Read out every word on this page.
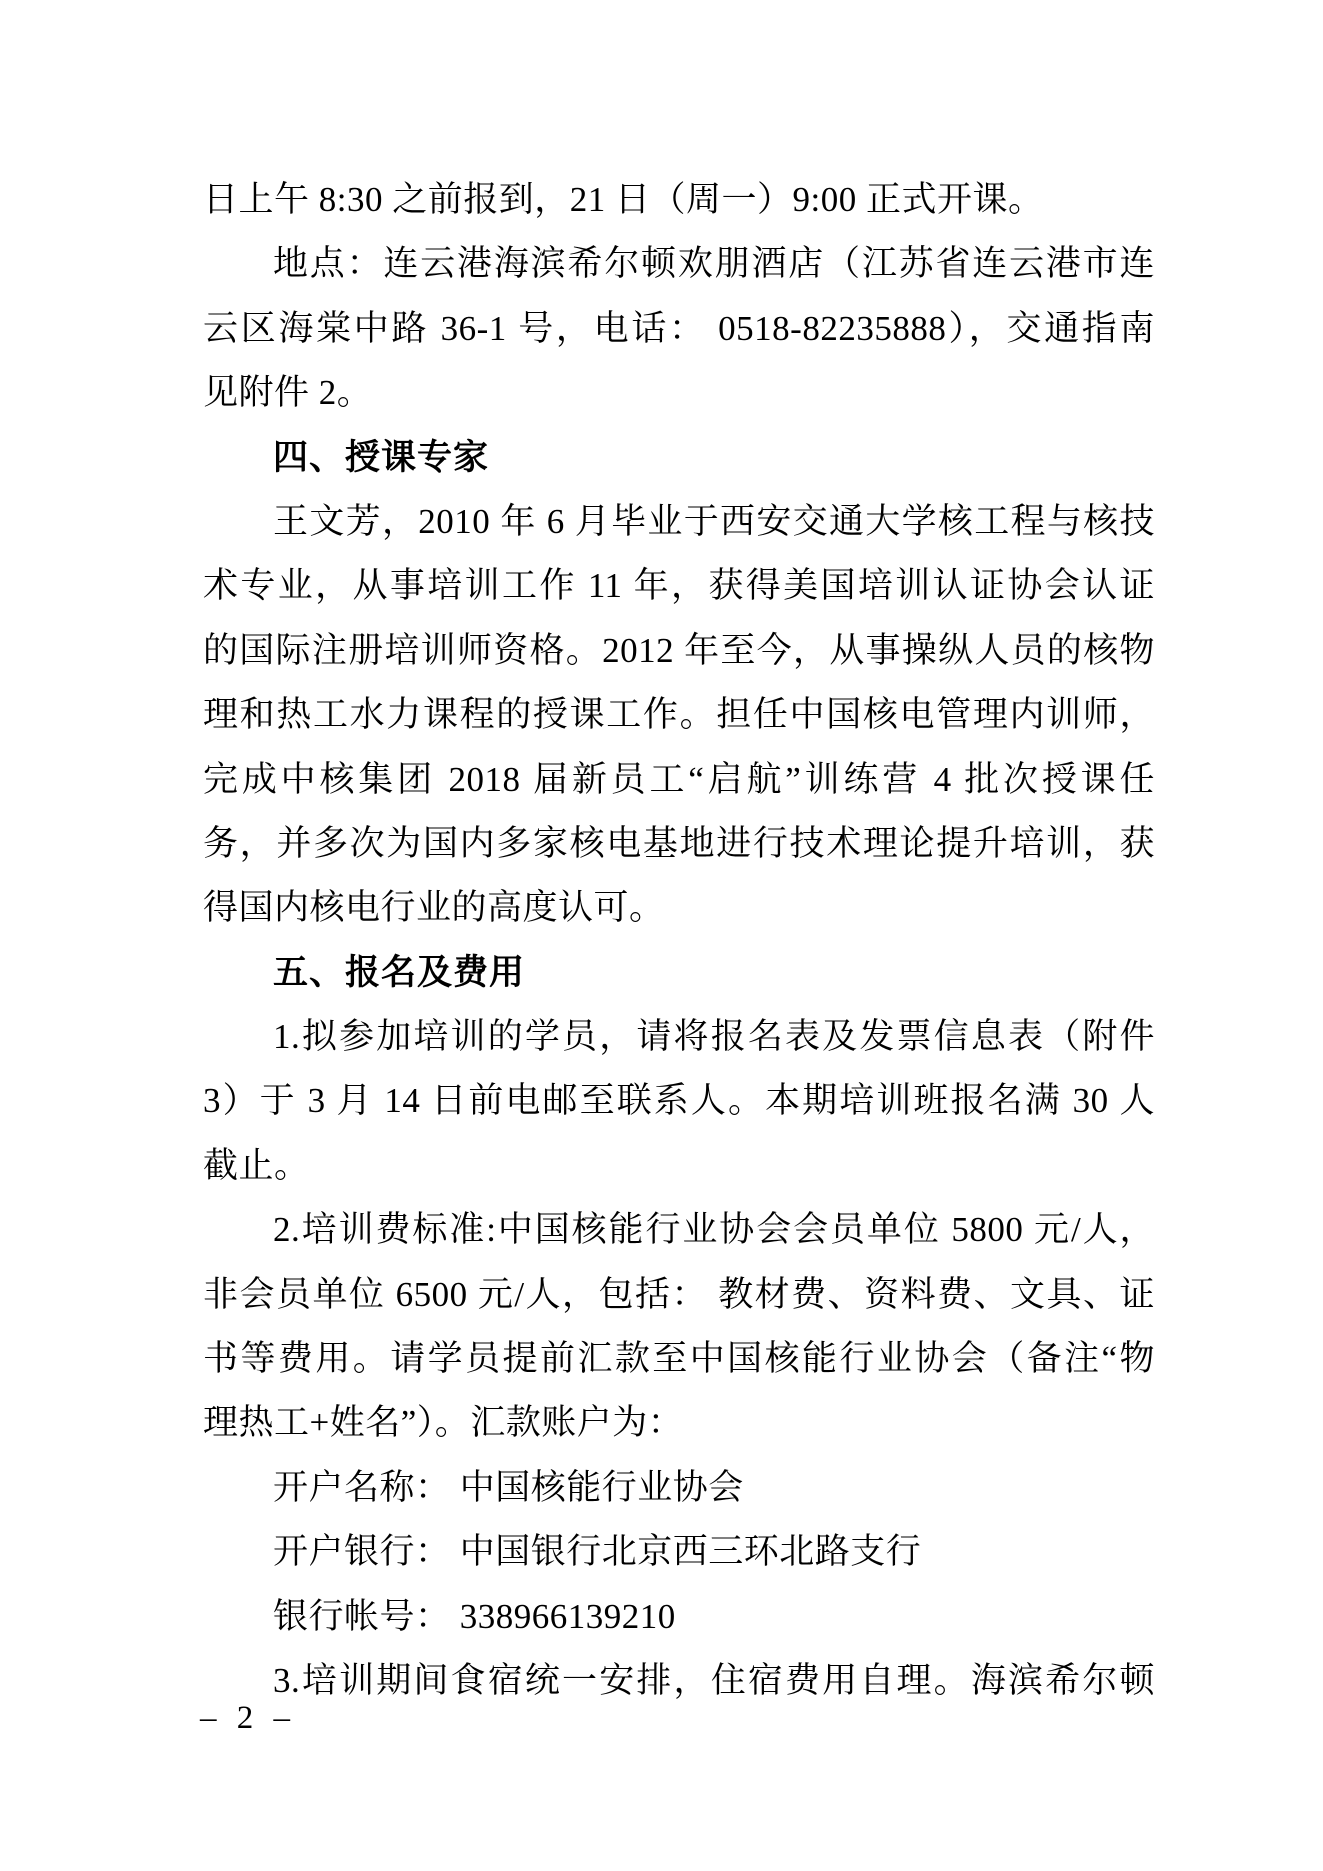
日上午 8:30 之前报到，21 日（周一）9:00 正式开课。
地点：连云港海滨希尔顿欢朋酒店（江苏省连云港市连
云区海棠中路 36-1 号，电话： 0518-82235888），交通指南
见附件 2。
四、授课专家
王文芳，2010 年 6 月毕业于西安交通大学核工程与核技
术专业，从事培训工作 11 年，获得美国培训认证协会认证
的国际注册培训师资格。2012 年至今，从事操纵人员的核物
理和热工水力课程的授课工作。担任中国核电管理内训师，
完成中核集团 2018 届新员工“启航”训练营 4 批次授课任
务，并多次为国内多家核电基地进行技术理论提升培训，获
得国内核电行业的高度认可。
五、报名及费用
1.拟参加培训的学员，请将报名表及发票信息表（附件
3）于 3 月 14 日前电邮至联系人。本期培训班报名满 30 人
截止。
2.培训费标准:中国核能行业协会会员单位 5800 元/人，
非会员单位 6500 元/人，包括： 教材费、资料费、文具、证
书等费用。请学员提前汇款至中国核能行业协会（备注“物
理热工+姓名”）。汇款账户为：
开户名称： 中国核能行业协会
开户银行： 中国银行北京西三环北路支行
银行帐号： 338966139210
3.培训期间食宿统一安排，住宿费用自理。海滨希尔顿
– 2 –
